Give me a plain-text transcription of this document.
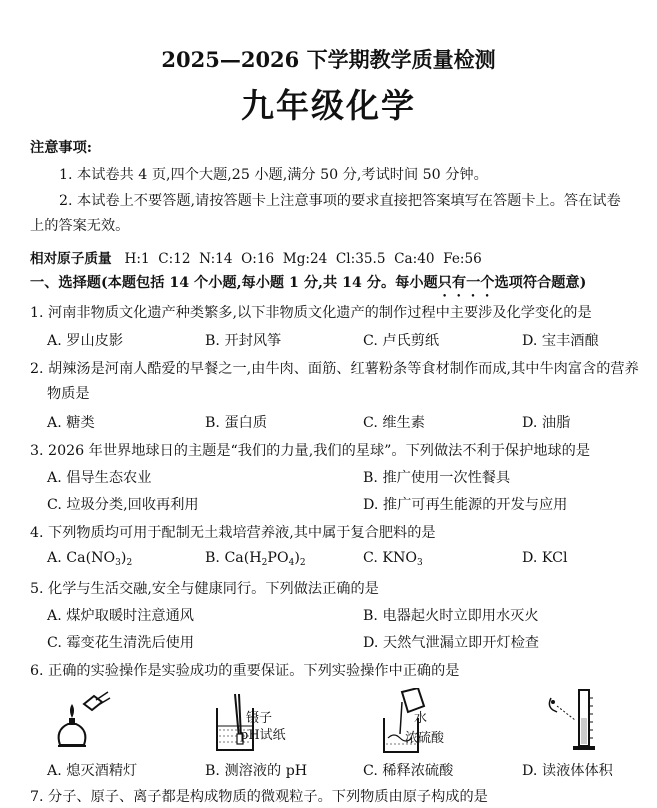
2025—2026 下学期教学质量检测
九年级化学
注意事项:
1. 本试卷共 4 页,四个大题,25 小题,满分 50 分,考试时间 50 分钟。
2. 本试卷上不要答题,请按答题卡上注意事项的要求直接把答案填写在答题卡上。答在试卷上的答案无效。
相对原子质量 H:1  C:12  N:14  O:16  Mg:24  Cl:35.5  Ca:40  Fe:56
一、选择题(本题包括 14 个小题,每小题 1 分,共 14 分。每小题只有一个选项符合题意)
1. 河南非物质文化遗产种类繁多,以下非物质文化遗产的制作过程中主要涉及化学变化的是
A. 罗山皮影	B. 开封风筝	C. 卢氏剪纸	D. 宝丰酒酿
2. 胡辣汤是河南人酷爱的早餐之一,由牛肉、面筋、红薯粉条等食材制作而成,其中牛肉富含的营养物质是
A. 糖类	B. 蛋白质	C. 维生素	D. 油脂
3. 2026 年世界地球日的主题是“我们的力量,我们的星球”。下列做法不利于保护地球的是
A. 倡导生态农业	B. 推广使用一次性餐具
C. 垃圾分类,回收再利用	D. 推广可再生能源的开发与应用
4. 下列物质均可用于配制无土栽培营养液,其中属于复合肥料的是
A. $Ca(NO_3)_2$	B. $Ca(H_2PO_4)_2$	C. $KNO_3$	D. KCl
5. 化学与生活交融,安全与健康同行。下列做法正确的是
A. 煤炉取暖时注意通风	B. 电器起火时立即用水灭火
C. 霉变花生清洗后使用	D. 天然气泄漏立即开灯检查
6. 正确的实验操作是实验成功的重要保证。下列实验操作中正确的是
镊子
pH试纸
水
浓硫酸
A. 熄灭酒精灯	B. 测溶液的 pH	C. 稀释浓硫酸	D. 读液体体积
7. 分子、原子、离子都是构成物质的微观粒子。下列物质由原子构成的是
